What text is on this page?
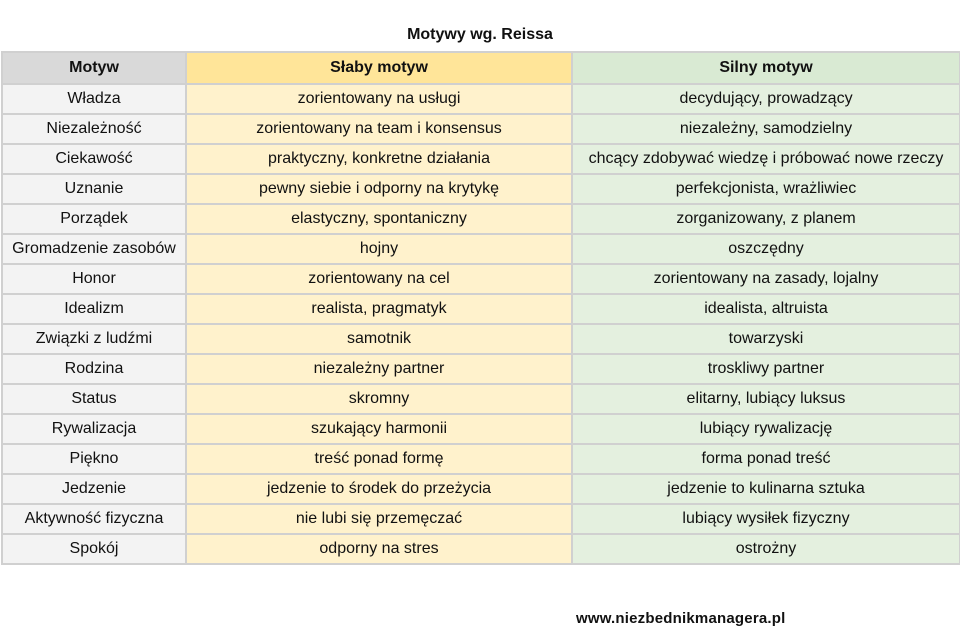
Motywy wg. Reissa
Motyw	Słaby motyw	Silny motyw
Władza	zorientowany na usługi	decydujący, prowadzący
Niezależność	zorientowany na team i konsensus	niezależny, samodzielny
Ciekawość	praktyczny, konkretne działania	chcący zdobywać wiedzę i próbować nowe rzeczy
Uznanie	pewny siebie i odporny na krytykę	perfekcjonista, wrażliwiec
Porządek	elastyczny, spontaniczny	zorganizowany, z planem
Gromadzenie zasobów	hojny	oszczędny
Honor	zorientowany na cel	zorientowany na zasady, lojalny
Idealizm	realista, pragmatyk	idealista, altruista
Związki z ludźmi	samotnik	towarzyski
Rodzina	niezależny partner	troskliwy partner
Status	skromny	elitarny, lubiący luksus
Rywalizacja	szukający harmonii	lubiący rywalizację
Piękno	treść ponad formę	forma ponad treść
Jedzenie	jedzenie to środek do przeżycia	jedzenie to kulinarna sztuka
Aktywność fizyczna	nie lubi się przemęczać	lubiący wysiłek fizyczny
Spokój	odporny na stres	ostrożny
www.niezbednikmanagera.pl
